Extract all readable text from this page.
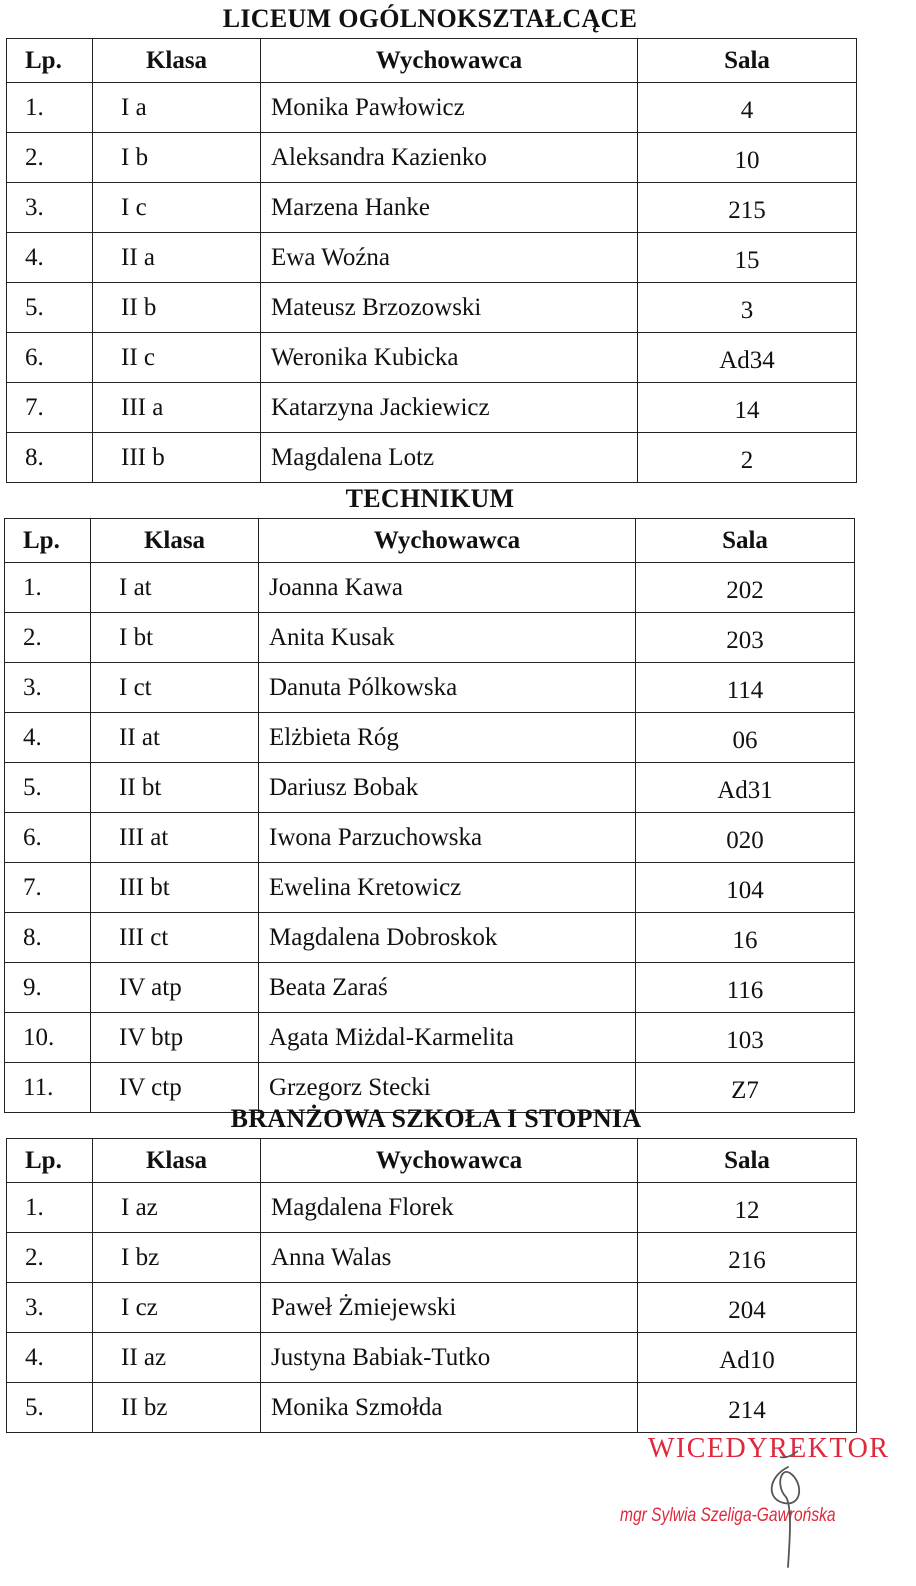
LICEUM OGÓLNOKSZTAŁCĄCE
Lp.	Klasa	Wychowawca	Sala
1.	I a	Monika Pawłowicz	4
2.	I b	Aleksandra Kazienko	10
3.	I c	Marzena Hanke	215
4.	II a	Ewa Woźna	15
5.	II b	Mateusz Brzozowski	3
6.	II c	Weronika Kubicka	Ad34
7.	III a	Katarzyna Jackiewicz	14
8.	III b	Magdalena Lotz	2
TECHNIKUM
Lp.	Klasa	Wychowawca	Sala
1.	I at	Joanna Kawa	202
2.	I bt	Anita Kusak	203
3.	I ct	Danuta Pólkowska	114
4.	II at	Elżbieta Róg	06
5.	II bt	Dariusz Bobak	Ad31
6.	III at	Iwona Parzuchowska	020
7.	III bt	Ewelina Kretowicz	104
8.	III ct	Magdalena Dobroskok	16
9.	IV atp	Beata Zaraś	116
10.	IV btp	Agata Miżdal-Karmelita	103
11.	IV ctp	Grzegorz Stecki	Z7
BRANŻOWA SZKOŁA I STOPNIA
Lp.	Klasa	Wychowawca	Sala
1.	I az	Magdalena Florek	12
2.	I bz	Anna Walas	216
3.	I cz	Paweł Żmiejewski	204
4.	II az	Justyna Babiak-Tutko	Ad10
5.	II bz	Monika Szmołda	214

WICEDYREKTOR

mgr Sylwia Szeliga-Gawrońska
